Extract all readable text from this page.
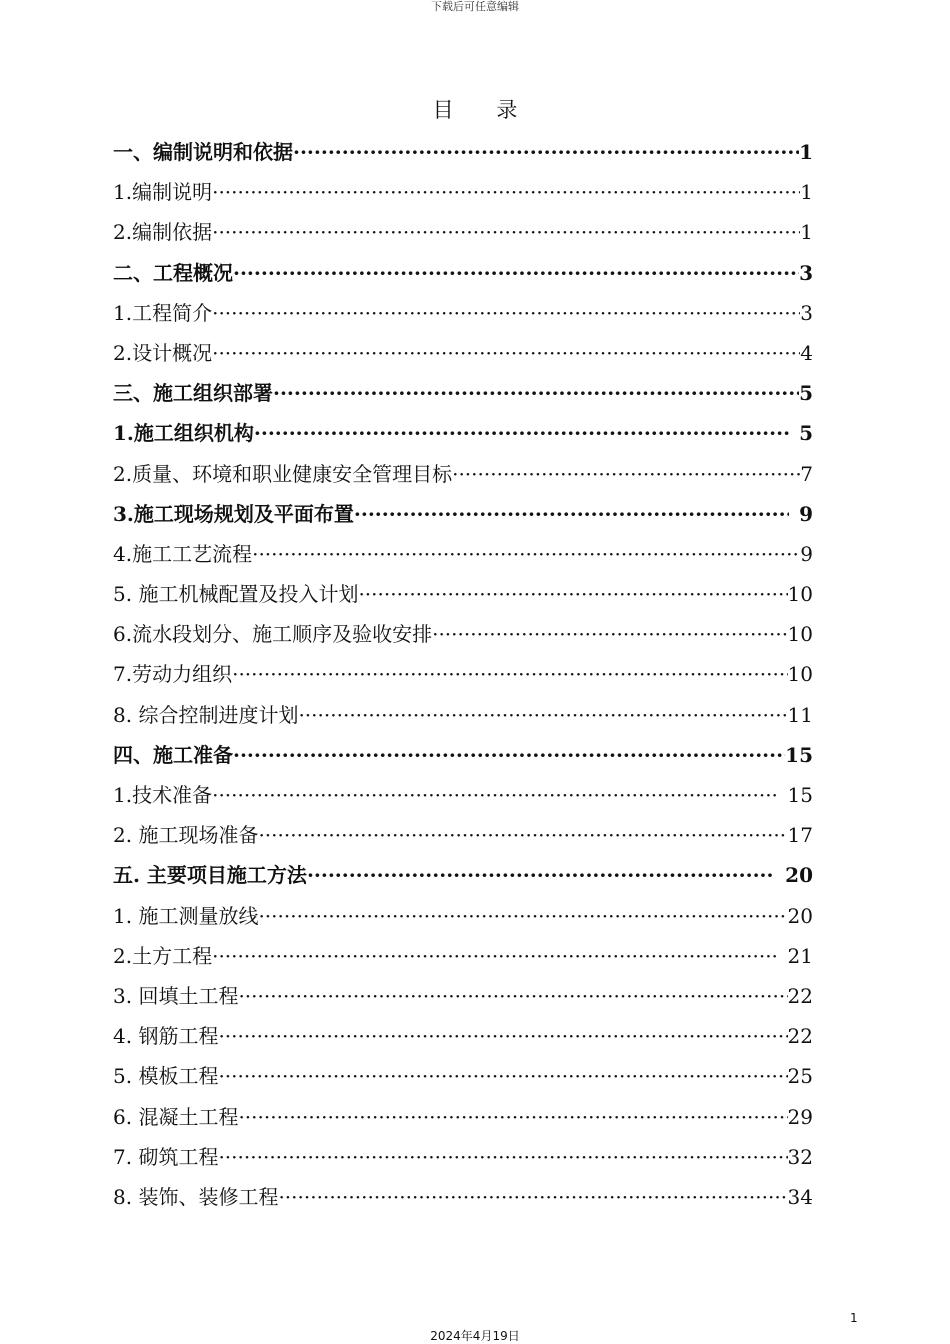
下载后可任意编辑
目 录
一、编制说明和依据 ·····	1
1.编制说明 ·····	1
2.编制依据 ·····	1
二、工程概况 ·····	3
1.工程简介 ·····	3
2.设计概况 ·····	4
三、施工组织部署 ·····	5
1.施工组织机构 ·····	5
2.质量、环境和职业健康安全管理目标 ·····	7
3.施工现场规划及平面布置 ·····	9
4.施工工艺流程 ·····	9
5. 施工机械配置及投入计划 ·····	10
6.流水段划分、施工顺序及验收安排 ·····	10
7.劳动力组织 ·····	10
8. 综合控制进度计划 ·····	11
四、施工准备 ·····	15
1.技术准备 ·····	15
2. 施工现场准备 ·····	17
五. 主要项目施工方法 ·····	20
1. 施工测量放线 ·····	20
2.土方工程 ·····	21
3. 回填土工程 ·····	22
4. 钢筋工程 ·····	22
5. 模板工程 ·····	25
6. 混凝土工程 ·····	29
7. 砌筑工程 ·····	32
8. 装饰、装修工程 ·····	34
1
2024年4月19日
